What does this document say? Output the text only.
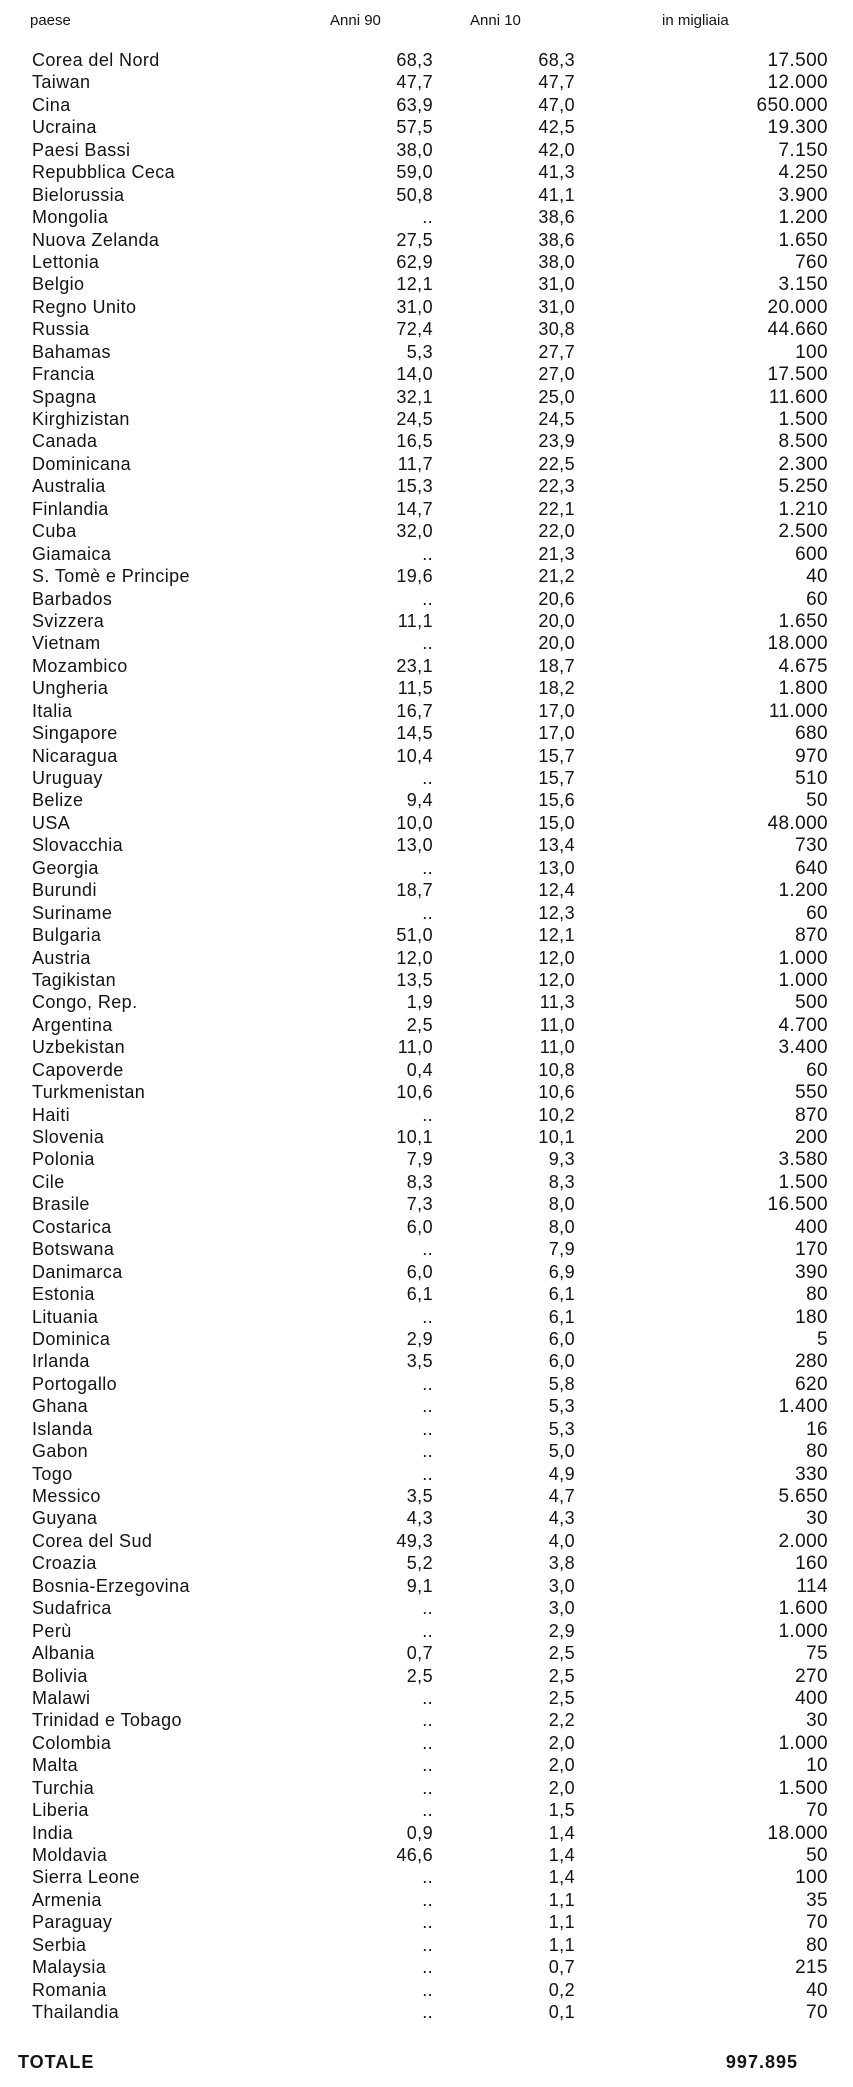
paese	Anni 90	Anni 10	in migliaia
Corea del Nord	68,3	68,3	17.500
Taiwan	47,7	47,7	12.000
Cina	63,9	47,0	650.000
Ucraina	57,5	42,5	19.300
Paesi Bassi	38,0	42,0	7.150
Repubblica Ceca	59,0	41,3	4.250
Bielorussia	50,8	41,1	3.900
Mongolia	..	38,6	1.200
Nuova Zelanda	27,5	38,6	1.650
Lettonia	62,9	38,0	760
Belgio	12,1	31,0	3.150
Regno Unito	31,0	31,0	20.000
Russia	72,4	30,8	44.660
Bahamas	5,3	27,7	100
Francia	14,0	27,0	17.500
Spagna	32,1	25,0	11.600
Kirghizistan	24,5	24,5	1.500
Canada	16,5	23,9	8.500
Dominicana	11,7	22,5	2.300
Australia	15,3	22,3	5.250
Finlandia	14,7	22,1	1.210
Cuba	32,0	22,0	2.500
Giamaica	..	21,3	600
S. Tomè e Principe	19,6	21,2	40
Barbados	..	20,6	60
Svizzera	11,1	20,0	1.650
Vietnam	..	20,0	18.000
Mozambico	23,1	18,7	4.675
Ungheria	11,5	18,2	1.800
Italia	16,7	17,0	11.000
Singapore	14,5	17,0	680
Nicaragua	10,4	15,7	970
Uruguay	..	15,7	510
Belize	9,4	15,6	50
USA	10,0	15,0	48.000
Slovacchia	13,0	13,4	730
Georgia	..	13,0	640
Burundi	18,7	12,4	1.200
Suriname	..	12,3	60
Bulgaria	51,0	12,1	870
Austria	12,0	12,0	1.000
Tagikistan	13,5	12,0	1.000
Congo, Rep.	1,9	11,3	500
Argentina	2,5	11,0	4.700
Uzbekistan	11,0	11,0	3.400
Capoverde	0,4	10,8	60
Turkmenistan	10,6	10,6	550
Haiti	..	10,2	870
Slovenia	10,1	10,1	200
Polonia	7,9	9,3	3.580
Cile	8,3	8,3	1.500
Brasile	7,3	8,0	16.500
Costarica	6,0	8,0	400
Botswana	..	7,9	170
Danimarca	6,0	6,9	390
Estonia	6,1	6,1	80
Lituania	..	6,1	180
Dominica	2,9	6,0	5
Irlanda	3,5	6,0	280
Portogallo	..	5,8	620
Ghana	..	5,3	1.400
Islanda	..	5,3	16
Gabon	..	5,0	80
Togo	..	4,9	330
Messico	3,5	4,7	5.650
Guyana	4,3	4,3	30
Corea del Sud	49,3	4,0	2.000
Croazia	5,2	3,8	160
Bosnia-Erzegovina	9,1	3,0	114
Sudafrica	..	3,0	1.600
Perù	..	2,9	1.000
Albania	0,7	2,5	75
Bolivia	2,5	2,5	270
Malawi	..	2,5	400
Trinidad e Tobago	..	2,2	30
Colombia	..	2,0	1.000
Malta	..	2,0	10
Turchia	..	2,0	1.500
Liberia	..	1,5	70
India	0,9	1,4	18.000
Moldavia	46,6	1,4	50
Sierra Leone	..	1,4	100
Armenia	..	1,1	35
Paraguay	..	1,1	70
Serbia	..	1,1	80
Malaysia	..	0,7	215
Romania	..	0,2	40
Thailandia	..	0,1	70
TOTALE	997.895
